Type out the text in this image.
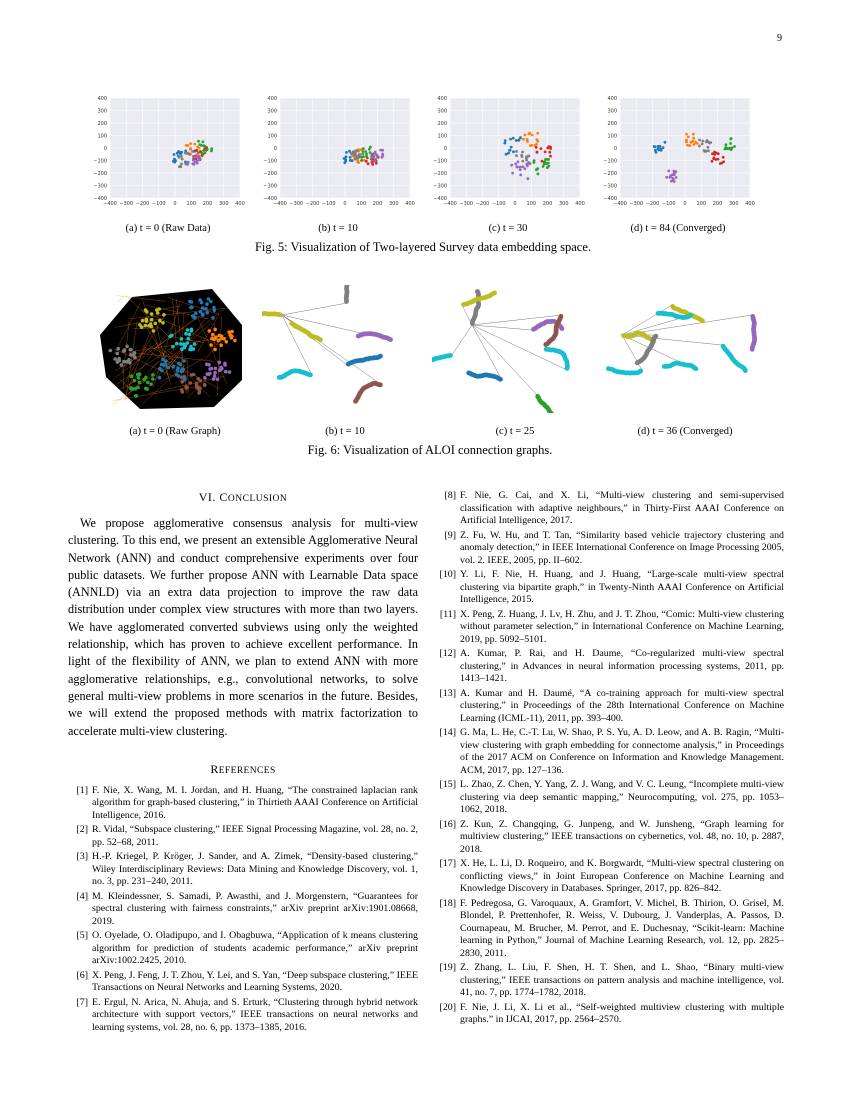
9
400
300
200
100
0
−100
−200
−300
−400
−400 −300 −200 −100 0 100 200 300 400
(a) t = 0 (Raw Data)
400
300
200
100
0
−100
−200
−300
−400
−400 −300 −200 −100 0 100 200 300 400
(b) t = 10
400
300
200
100
0
−100
−200
−300
−400
−400 −300 −200 −100 0 100 200 300 400
(c) t = 30
400
300
200
100
0
−100
−200
−300
−400
−400 −300 −200 −100 0 100 200 300 400
(d) t = 84 (Converged)
Fig. 5: Visualization of Two-layered Survey data embedding space.
(a) t = 0 (Raw Graph)	(b) t = 10	(c) t = 25	(d) t = 36 (Converged)
Fig. 6: Visualization of ALOI connection graphs.
VI. CONCLUSION

We propose agglomerative consensus analysis for multi-view clustering. To this end, we present an extensible Agglomerative Neural Network (ANN) and conduct comprehensive experiments over four public datasets. We further propose ANN with Learnable Data space (ANNLD) via an extra data projection to improve the raw data distribution under complex view structures with more than two layers. We have agglomerated converted subviews using only the weighted relationship, which has proven to achieve excellent performance. In light of the flexibility of ANN, we plan to extend ANN with more agglomerative relationships, e.g., convolutional networks, to solve general multi-view problems in more scenarios in the future. Besides, we will extend the proposed methods with matrix factorization to accelerate multi-view clustering.

REFERENCES
[1] F. Nie, X. Wang, M. I. Jordan, and H. Huang, “The constrained laplacian rank algorithm for graph-based clustering,” in Thirtieth AAAI Conference on Artificial Intelligence, 2016.
[2] R. Vidal, “Subspace clustering,” IEEE Signal Processing Magazine, vol. 28, no. 2, pp. 52–68, 2011.
[3] H.-P. Kriegel, P. Kröger, J. Sander, and A. Zimek, “Density-based clustering,” Wiley Interdisciplinary Reviews: Data Mining and Knowledge Discovery, vol. 1, no. 3, pp. 231–240, 2011.
[4] M. Kleindessner, S. Samadi, P. Awasthi, and J. Morgenstern, “Guarantees for spectral clustering with fairness constraints,” arXiv preprint arXiv:1901.08668, 2019.
[5] O. Oyelade, O. Oladipupo, and I. Obagbuwa, “Application of k means clustering algorithm for prediction of students academic performance,” arXiv preprint arXiv:1002.2425, 2010.
[6] X. Peng, J. Feng, J. T. Zhou, Y. Lei, and S. Yan, “Deep subspace clustering,” IEEE Transactions on Neural Networks and Learning Systems, 2020.
[7] E. Ergul, N. Arica, N. Ahuja, and S. Erturk, “Clustering through hybrid network architecture with support vectors,” IEEE transactions on neural networks and learning systems, vol. 28, no. 6, pp. 1373–1385, 2016.
[8] F. Nie, G. Cai, and X. Li, “Multi-view clustering and semi-supervised classification with adaptive neighbours,” in Thirty-First AAAI Conference on Artificial Intelligence, 2017.
[9] Z. Fu, W. Hu, and T. Tan, “Similarity based vehicle trajectory clustering and anomaly detection,” in IEEE International Conference on Image Processing 2005, vol. 2. IEEE, 2005, pp. II–602.
[10] Y. Li, F. Nie, H. Huang, and J. Huang, “Large-scale multi-view spectral clustering via bipartite graph,” in Twenty-Ninth AAAI Conference on Artificial Intelligence, 2015.
[11] X. Peng, Z. Huang, J. Lv, H. Zhu, and J. T. Zhou, “Comic: Multi-view clustering without parameter selection,” in International Conference on Machine Learning, 2019, pp. 5092–5101.
[12] A. Kumar, P. Rai, and H. Daume, “Co-regularized multi-view spectral clustering,” in Advances in neural information processing systems, 2011, pp. 1413–1421.
[13] A. Kumar and H. Daumé, “A co-training approach for multi-view spectral clustering,” in Proceedings of the 28th International Conference on Machine Learning (ICML-11), 2011, pp. 393–400.
[14] G. Ma, L. He, C.-T. Lu, W. Shao, P. S. Yu, A. D. Leow, and A. B. Ragin, “Multi-view clustering with graph embedding for connectome analysis,” in Proceedings of the 2017 ACM on Conference on Information and Knowledge Management. ACM, 2017, pp. 127–136.
[15] L. Zhao, Z. Chen, Y. Yang, Z. J. Wang, and V. C. Leung, “Incomplete multi-view clustering via deep semantic mapping,” Neurocomputing, vol. 275, pp. 1053–1062, 2018.
[16] Z. Kun, Z. Changqing, G. Junpeng, and W. Junsheng, “Graph learning for multiview clustering,” IEEE transactions on cybernetics, vol. 48, no. 10, p. 2887, 2018.
[17] X. He, L. Li, D. Roqueiro, and K. Borgwardt, “Multi-view spectral clustering on conflicting views,” in Joint European Conference on Machine Learning and Knowledge Discovery in Databases. Springer, 2017, pp. 826–842.
[18] F. Pedregosa, G. Varoquaux, A. Gramfort, V. Michel, B. Thirion, O. Grisel, M. Blondel, P. Prettenhofer, R. Weiss, V. Dubourg, J. Vanderplas, A. Passos, D. Cournapeau, M. Brucher, M. Perrot, and E. Duchesnay, “Scikit-learn: Machine learning in Python,” Journal of Machine Learning Research, vol. 12, pp. 2825–2830, 2011.
[19] Z. Zhang, L. Liu, F. Shen, H. T. Shen, and L. Shao, “Binary multi-view clustering,” IEEE transactions on pattern analysis and machine intelligence, vol. 41, no. 7, pp. 1774–1782, 2018.
[20] F. Nie, J. Li, X. Li et al., “Self-weighted multiview clustering with multiple graphs.” in IJCAI, 2017, pp. 2564–2570.
